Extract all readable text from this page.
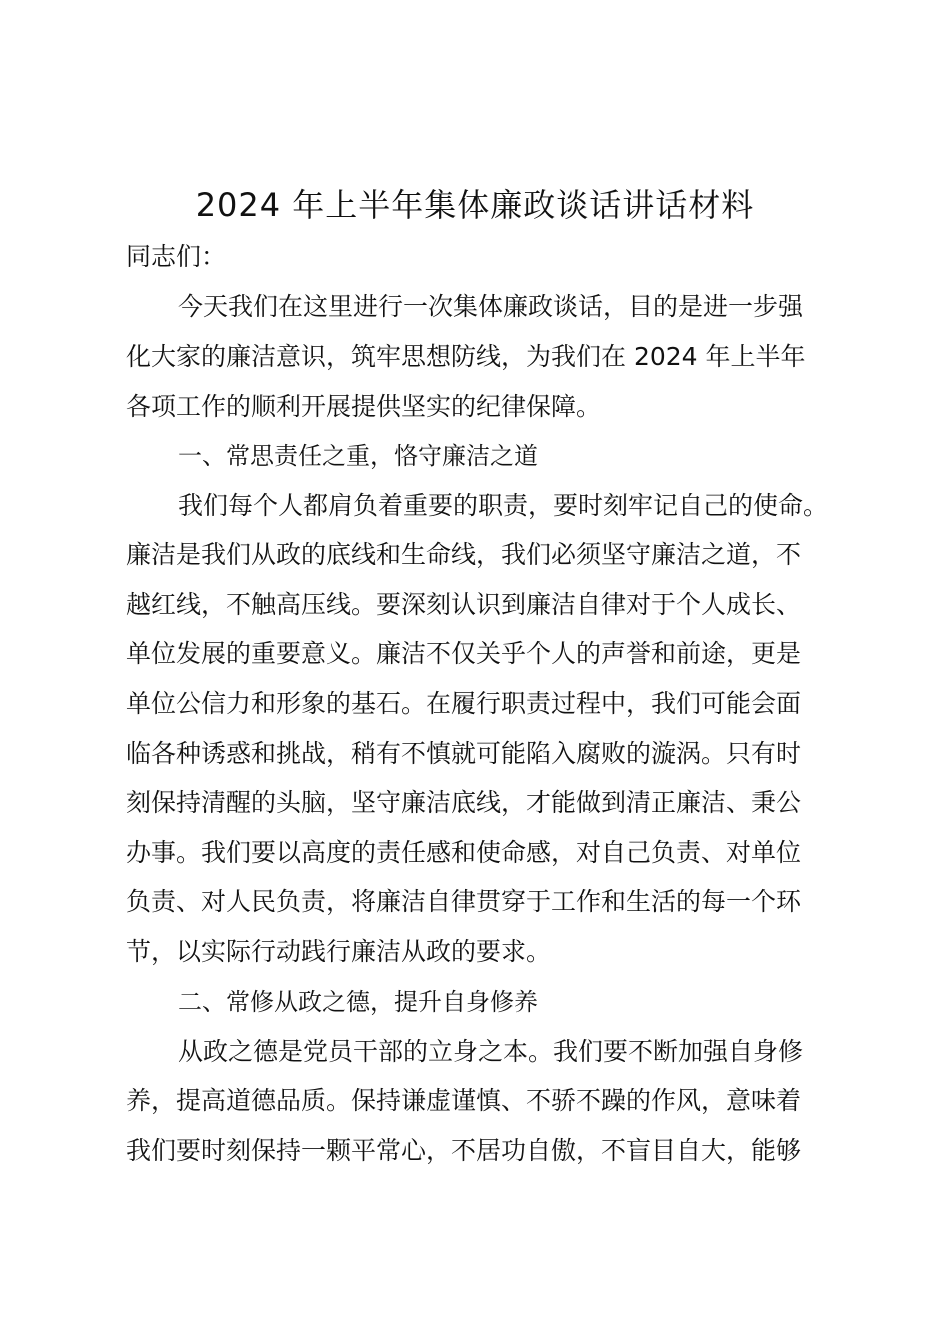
2024 年上半年集体廉政谈话讲话材料
同志们：
今天我们在这里进行一次集体廉政谈话，目的是进一步强
化大家的廉洁意识，筑牢思想防线，为我们在 2024 年上半年
各项工作的顺利开展提供坚实的纪律保障。
一、常思责任之重，恪守廉洁之道
我们每个人都肩负着重要的职责，要时刻牢记自己的使命。
廉洁是我们从政的底线和生命线，我们必须坚守廉洁之道，不
越红线，不触高压线。要深刻认识到廉洁自律对于个人成长、
单位发展的重要意义。廉洁不仅关乎个人的声誉和前途，更是
单位公信力和形象的基石。在履行职责过程中，我们可能会面
临各种诱惑和挑战，稍有不慎就可能陷入腐败的漩涡。只有时
刻保持清醒的头脑，坚守廉洁底线，才能做到清正廉洁、秉公
办事。我们要以高度的责任感和使命感，对自己负责、对单位
负责、对人民负责，将廉洁自律贯穿于工作和生活的每一个环
节，以实际行动践行廉洁从政的要求。
二、常修从政之德，提升自身修养
从政之德是党员干部的立身之本。我们要不断加强自身修
养，提高道德品质。保持谦虚谨慎、不骄不躁的作风，意味着
我们要时刻保持一颗平常心，不居功自傲，不盲目自大，能够
